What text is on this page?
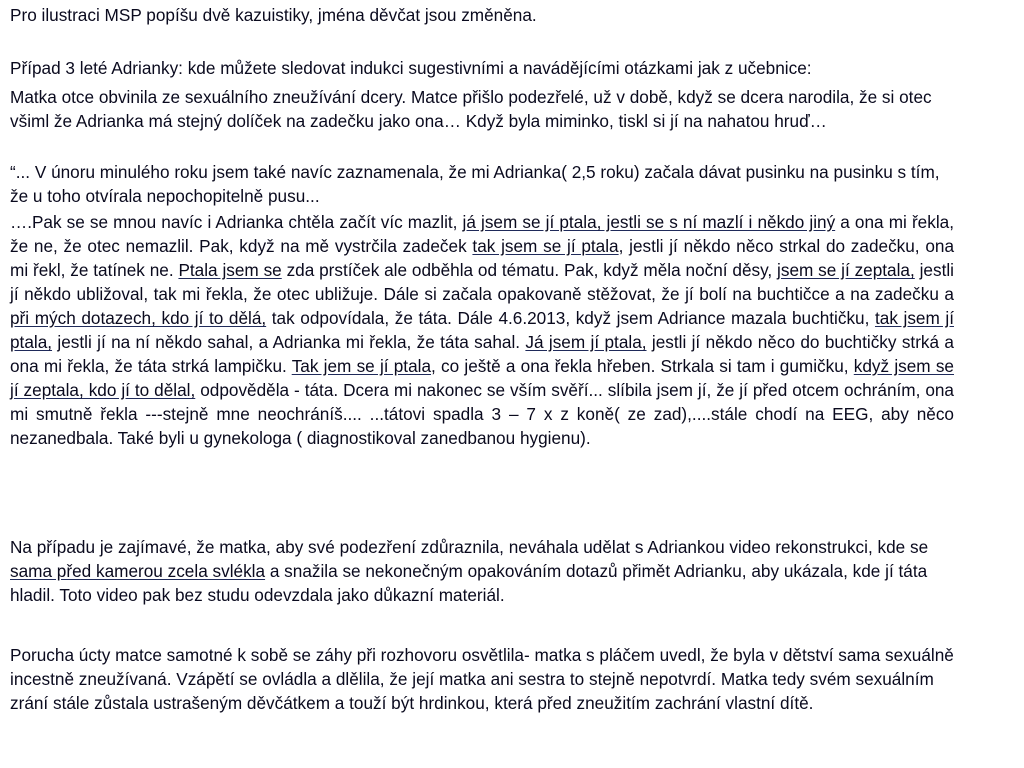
Pro ilustraci MSP popíšu dvě kazuistiky, jména děvčat jsou změněna.

Případ 3 leté Adrianky: kde můžete sledovat indukci sugestivními a navádějícími otázkami jak z učebnice:

Matka otce obvinila ze sexuálního zneužívání dcery. Matce přišlo podezřelé, už v době, když se dcera narodila, že si otec všiml že Adrianka má stejný dolíček na zadečku jako ona… Když byla miminko, tiskl si jí na nahatou hruď…

“... V únoru minulého roku jsem také navíc zaznamenala, že mi Adrianka( 2,5 roku) začala dávat pusinku na pusinku s tím, že u toho otvírala nepochopitelně pusu...

….Pak se se mnou navíc i Adrianka chtěla začít víc mazlit, já jsem se jí ptala, jestli se s ní mazlí i někdo jiný a ona mi řekla, že ne, že otec nemazlil. Pak, když na mě vystrčila zadeček tak jsem se jí ptala, jestli jí někdo něco strkal do zadečku, ona mi řekl, že tatínek ne. Ptala jsem se zda prstíček ale odběhla od tématu. Pak, když měla noční děsy, jsem se jí zeptala, jestli jí někdo ubližoval, tak mi řekla, že otec ubližuje. Dále si začala opakovaně stěžovat, že jí bolí na buchtičce a na zadečku a při mých dotazech, kdo jí to dělá, tak odpovídala, že táta. Dále 4.6.2013, když jsem Adriance mazala buchtičku, tak jsem jí ptala, jestli jí na ní někdo sahal, a Adrianka mi řekla, že táta sahal. Já jsem jí ptala, jestli jí někdo něco do buchtičky strká a ona mi řekla, že táta strká lampičku. Tak jem se jí ptala, co ještě a ona řekla hřeben. Strkala si tam i gumičku, když jsem se jí zeptala, kdo jí to dělal, odpověděla - táta. Dcera mi nakonec se vším svěří... slíbila jsem jí, že jí před otcem ochráním, ona mi smutně řekla ---stejně mne neochráníš.... ...tátovi spadla 3 – 7 x z koně( ze zad),....stále chodí na EEG, aby něco nezanedbala. Také byli u gynekologa ( diagnostikoval zanedbanou hygienu).

Na případu je zajímavé, že matka, aby své podezření zdůraznila, neváhala udělat s Adriankou video rekonstrukci, kde se sama před kamerou zcela svlékla a snažila se nekonečným opakováním dotazů přimět Adrianku, aby ukázala, kde jí táta hladil. Toto video pak bez studu odevzdala jako důkazní materiál.

Porucha úcty matce samotné k sobě se záhy při rozhovoru osvětlila- matka s pláčem uvedl, že byla v dětství sama sexuálně incestně zneužívaná. Vzápětí se ovládla a dlělila, že její matka ani sestra to stejně nepotvrdí. Matka tedy svém sexuálním zrání stále zůstala ustrašeným děvčátkem a touží být hrdinkou, která před zneužitím zachrání vlastní dítě.
